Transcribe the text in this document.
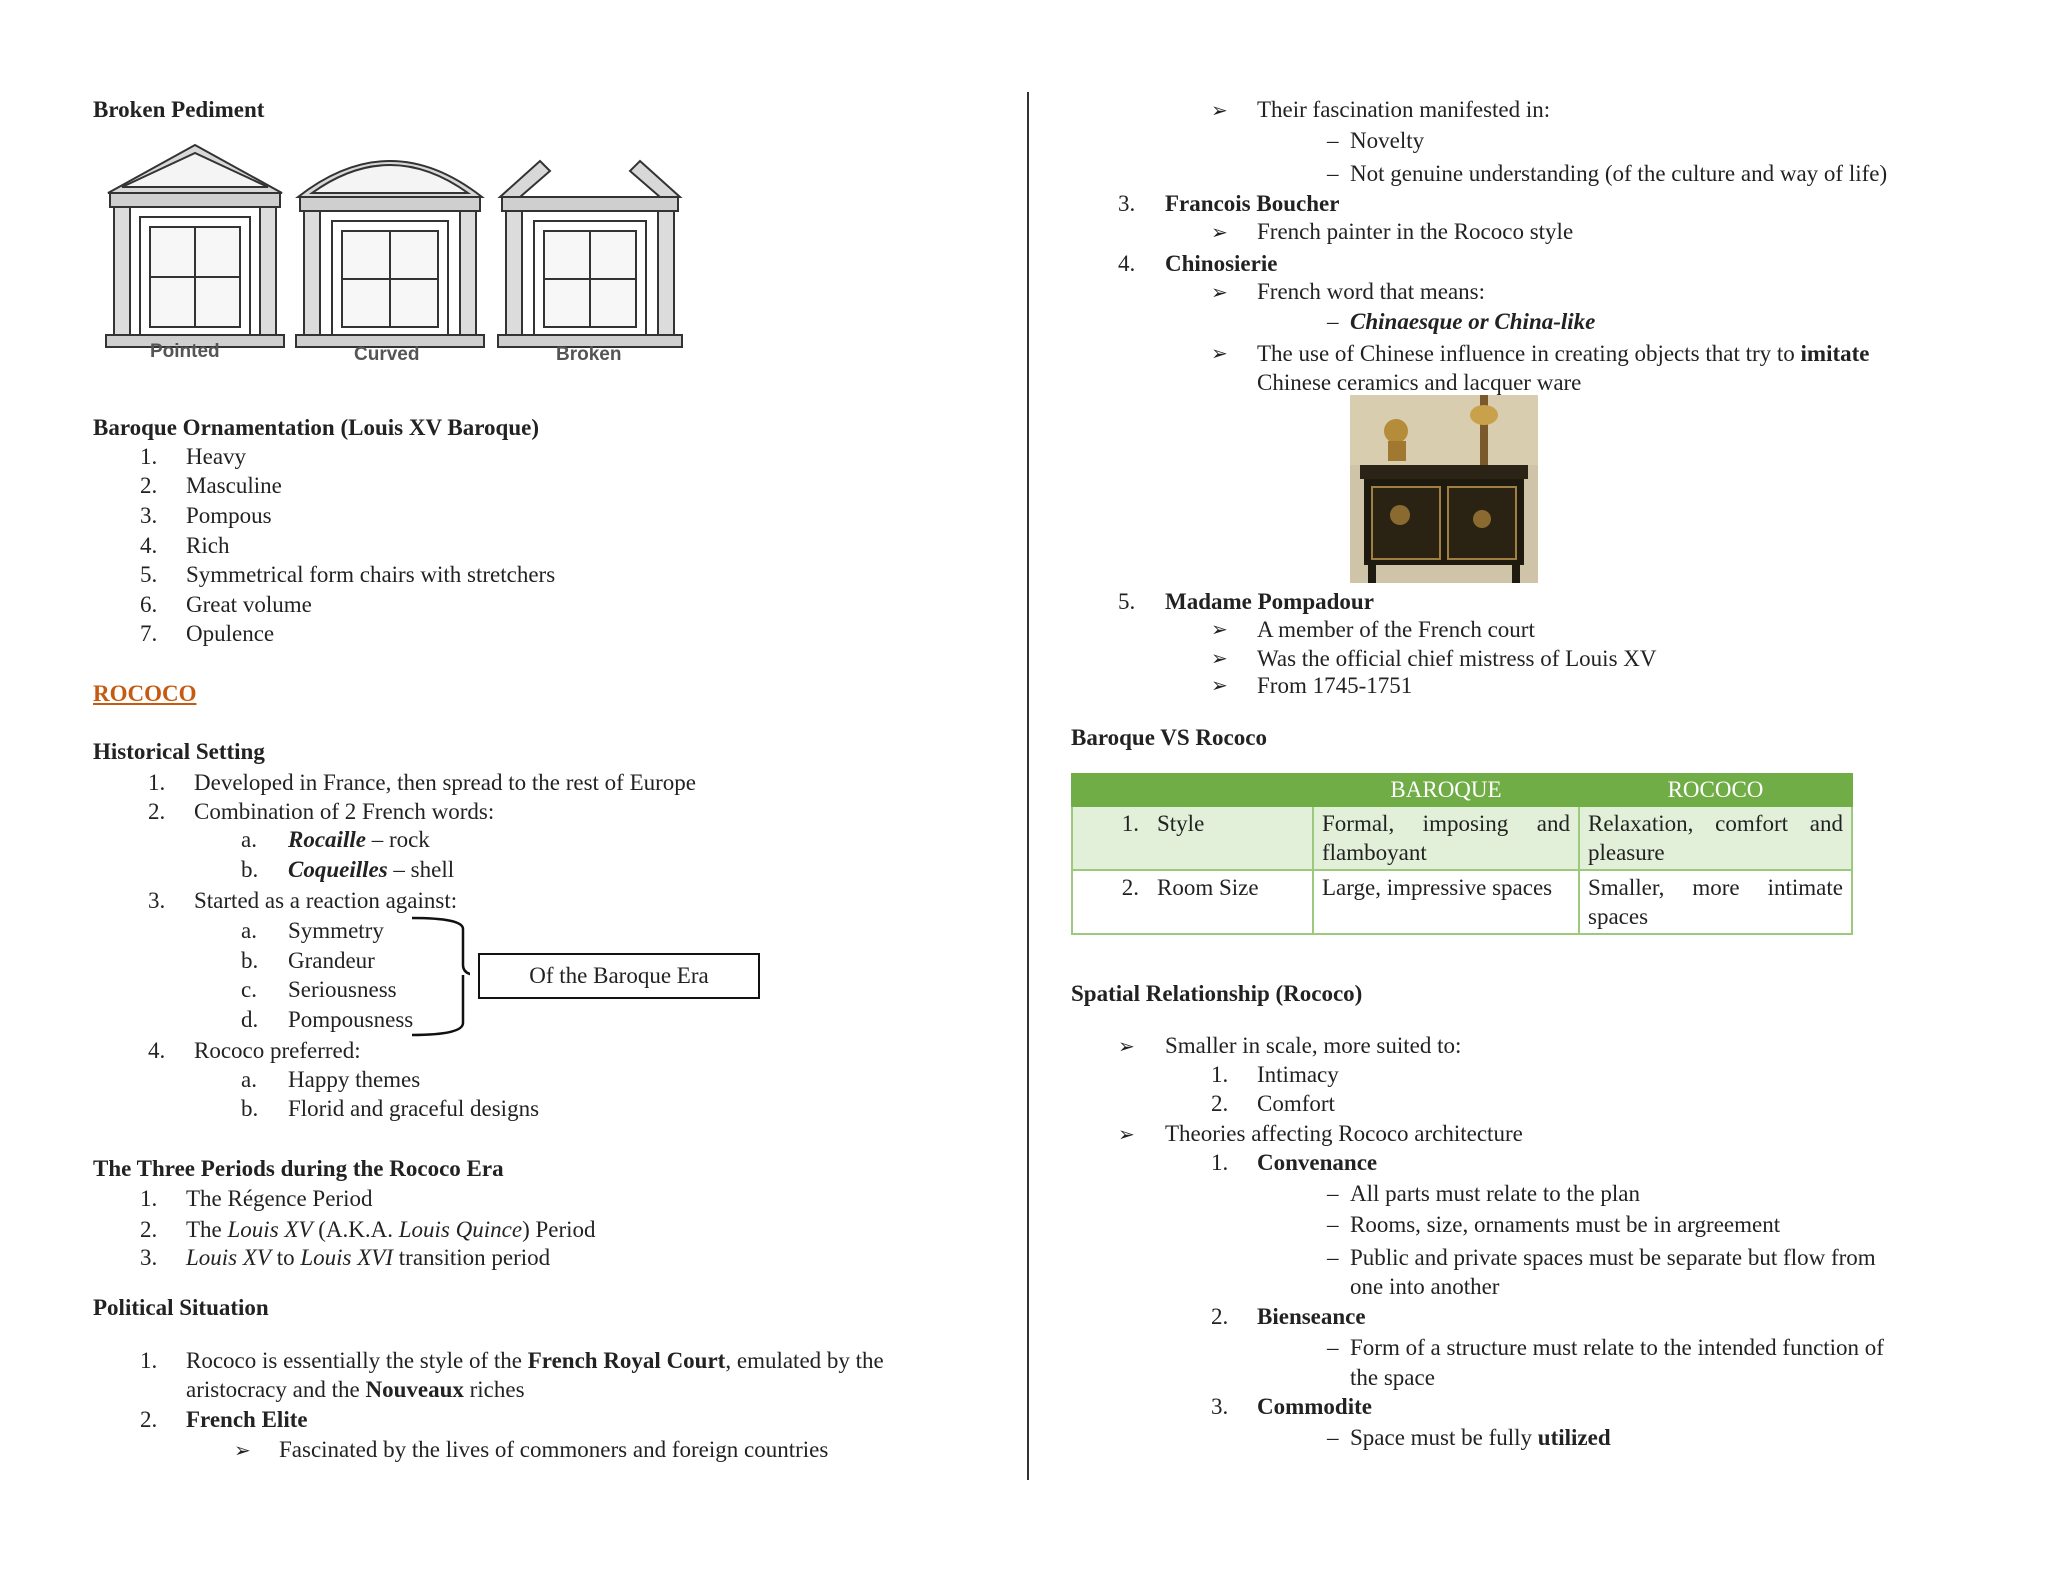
Broken Pediment
Pointed	Curved	Broken
Baroque Ornamentation (Louis XV Baroque)
1. Heavy
2. Masculine
3. Pompous
4. Rich
5. Symmetrical form chairs with stretchers
6. Great volume
7. Opulence
ROCOCO
Historical Setting
1. Developed in France, then spread to the rest of Europe
2. Combination of 2 French words:
a. Rocaille – rock
b. Coqueilles – shell
3. Started as a reaction against:
a. Symmetry
b. Grandeur
c. Seriousness
d. Pompousness
Of the Baroque Era
4. Rococo preferred:
a. Happy themes
b. Florid and graceful designs
The Three Periods during the Rococo Era
1. The Régence Period
2. The Louis XV (A.K.A. Louis Quince) Period
3. Louis XV to Louis XVI transition period
Political Situation
1. Rococo is essentially the style of the French Royal Court, emulated by the
aristocracy and the Nouveaux riches
2. French Elite
➢ Fascinated by the lives of commoners and foreign countries
➢ Their fascination manifested in:
– Novelty
– Not genuine understanding (of the culture and way of life)
3. Francois Boucher
➢ French painter in the Rococo style
4. Chinosierie
➢ French word that means:
– Chinaesque or China-like
➢ The use of Chinese influence in creating objects that try to imitate
Chinese ceramics and lacquer ware
5. Madame Pompadour
➢ A member of the French court
➢ Was the official chief mistress of Louis XV
➢ From 1745-1751
Baroque VS Rococo
		BAROQUE	ROCOCO
1.	Style	Formal, imposing and flamboyant	Relaxation, comfort and pleasure
2.	Room Size	Large, impressive spaces	Smaller, more intimate spaces
Spatial Relationship (Rococo)
➢ Smaller in scale, more suited to:
1. Intimacy
2. Comfort
➢ Theories affecting Rococo architecture
1. Convenance
– All parts must relate to the plan
– Rooms, size, ornaments must be in argreement
– Public and private spaces must be separate but flow from
one into another
2. Bienseance
– Form of a structure must relate to the intended function of
the space
3. Commodite
– Space must be fully utilized
